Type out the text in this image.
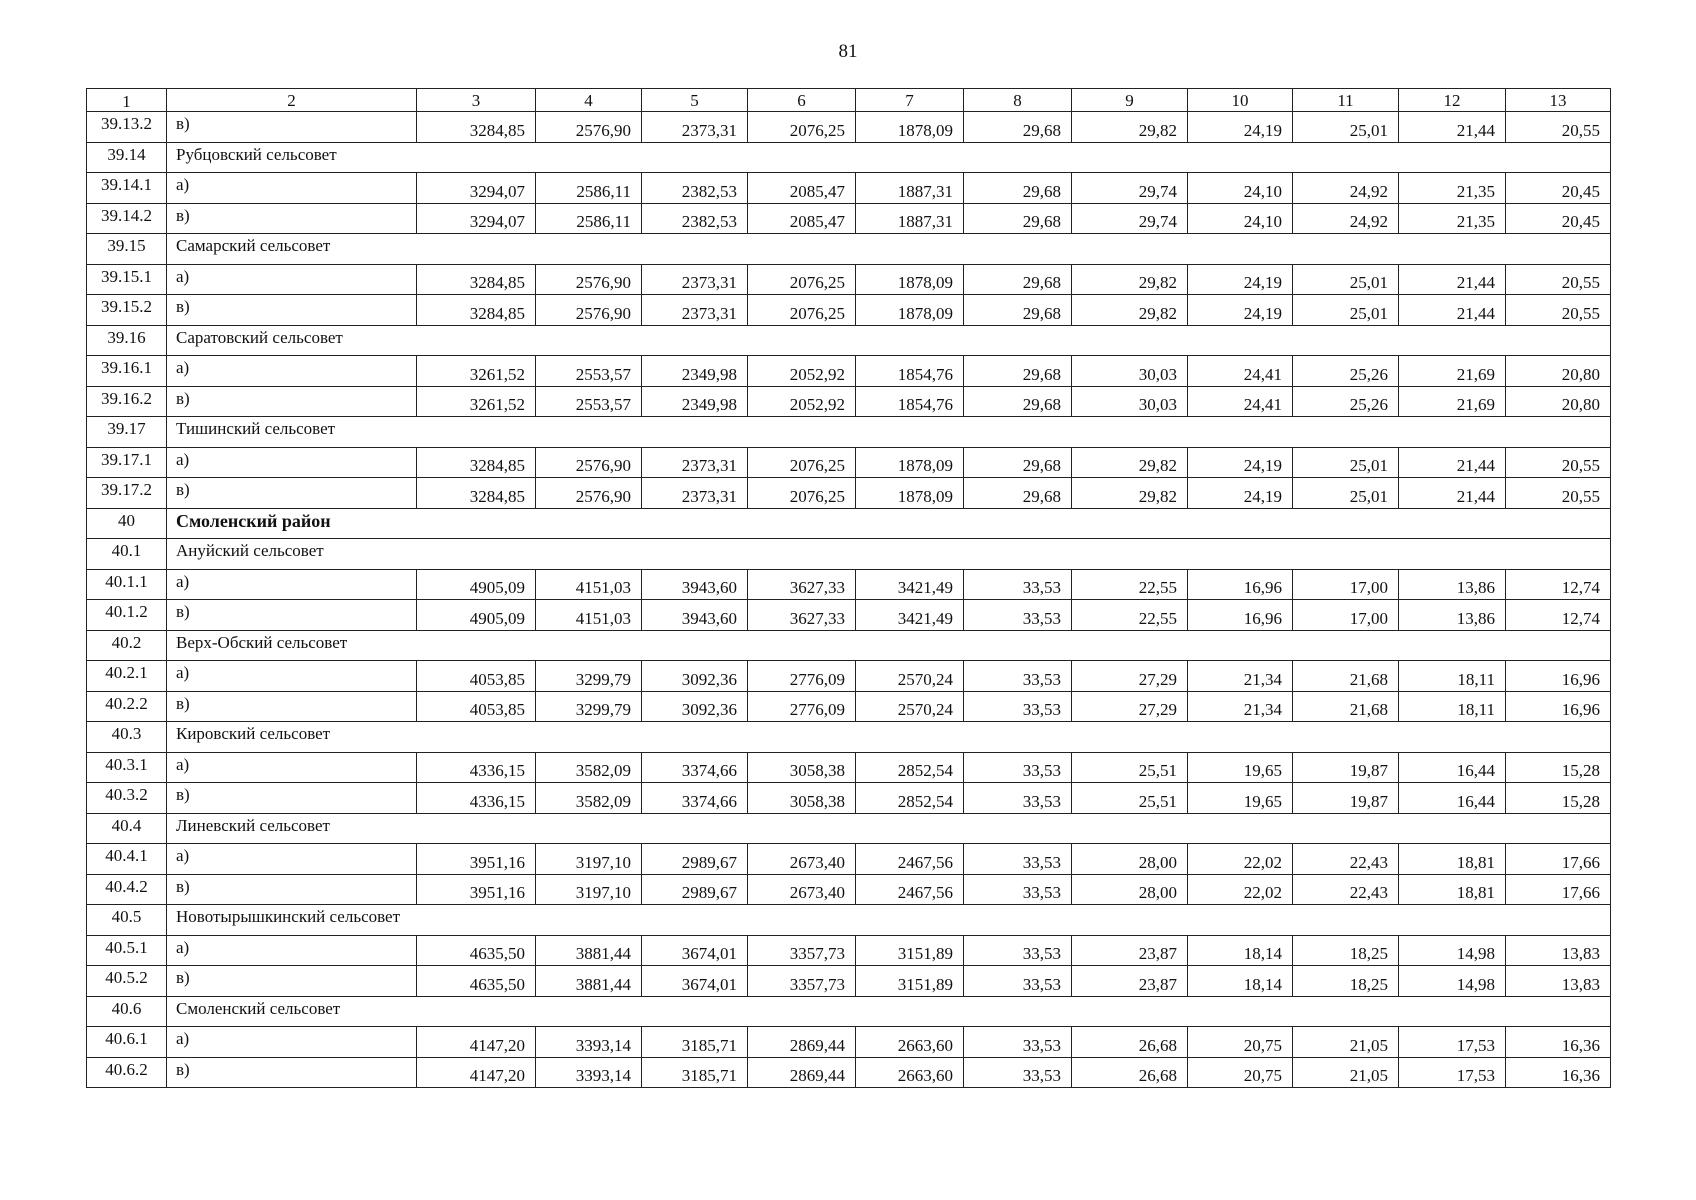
81
1	2	3	4	5	6	7	8	9	10	11	12	13
39.13.2	в)	3284,85	2576,90	2373,31	2076,25	1878,09	29,68	29,82	24,19	25,01	21,44	20,55
39.14	Рубцовский сельсовет											
39.14.1	а)	3294,07	2586,11	2382,53	2085,47	1887,31	29,68	29,74	24,10	24,92	21,35	20,45
39.14.2	в)	3294,07	2586,11	2382,53	2085,47	1887,31	29,68	29,74	24,10	24,92	21,35	20,45
39.15	Самарский сельсовет											
39.15.1	а)	3284,85	2576,90	2373,31	2076,25	1878,09	29,68	29,82	24,19	25,01	21,44	20,55
39.15.2	в)	3284,85	2576,90	2373,31	2076,25	1878,09	29,68	29,82	24,19	25,01	21,44	20,55
39.16	Саратовский сельсовет											
39.16.1	а)	3261,52	2553,57	2349,98	2052,92	1854,76	29,68	30,03	24,41	25,26	21,69	20,80
39.16.2	в)	3261,52	2553,57	2349,98	2052,92	1854,76	29,68	30,03	24,41	25,26	21,69	20,80
39.17	Тишинский сельсовет											
39.17.1	а)	3284,85	2576,90	2373,31	2076,25	1878,09	29,68	29,82	24,19	25,01	21,44	20,55
39.17.2	в)	3284,85	2576,90	2373,31	2076,25	1878,09	29,68	29,82	24,19	25,01	21,44	20,55
40	Смоленский район											
40.1	Ануйский сельсовет											
40.1.1	а)	4905,09	4151,03	3943,60	3627,33	3421,49	33,53	22,55	16,96	17,00	13,86	12,74
40.1.2	в)	4905,09	4151,03	3943,60	3627,33	3421,49	33,53	22,55	16,96	17,00	13,86	12,74
40.2	Верх-Обский сельсовет											
40.2.1	а)	4053,85	3299,79	3092,36	2776,09	2570,24	33,53	27,29	21,34	21,68	18,11	16,96
40.2.2	в)	4053,85	3299,79	3092,36	2776,09	2570,24	33,53	27,29	21,34	21,68	18,11	16,96
40.3	Кировский сельсовет											
40.3.1	а)	4336,15	3582,09	3374,66	3058,38	2852,54	33,53	25,51	19,65	19,87	16,44	15,28
40.3.2	в)	4336,15	3582,09	3374,66	3058,38	2852,54	33,53	25,51	19,65	19,87	16,44	15,28
40.4	Линевский сельсовет											
40.4.1	а)	3951,16	3197,10	2989,67	2673,40	2467,56	33,53	28,00	22,02	22,43	18,81	17,66
40.4.2	в)	3951,16	3197,10	2989,67	2673,40	2467,56	33,53	28,00	22,02	22,43	18,81	17,66
40.5	Новотырышкинский сельсовет											
40.5.1	а)	4635,50	3881,44	3674,01	3357,73	3151,89	33,53	23,87	18,14	18,25	14,98	13,83
40.5.2	в)	4635,50	3881,44	3674,01	3357,73	3151,89	33,53	23,87	18,14	18,25	14,98	13,83
40.6	Смоленский сельсовет											
40.6.1	а)	4147,20	3393,14	3185,71	2869,44	2663,60	33,53	26,68	20,75	21,05	17,53	16,36
40.6.2	в)	4147,20	3393,14	3185,71	2869,44	2663,60	33,53	26,68	20,75	21,05	17,53	16,36
